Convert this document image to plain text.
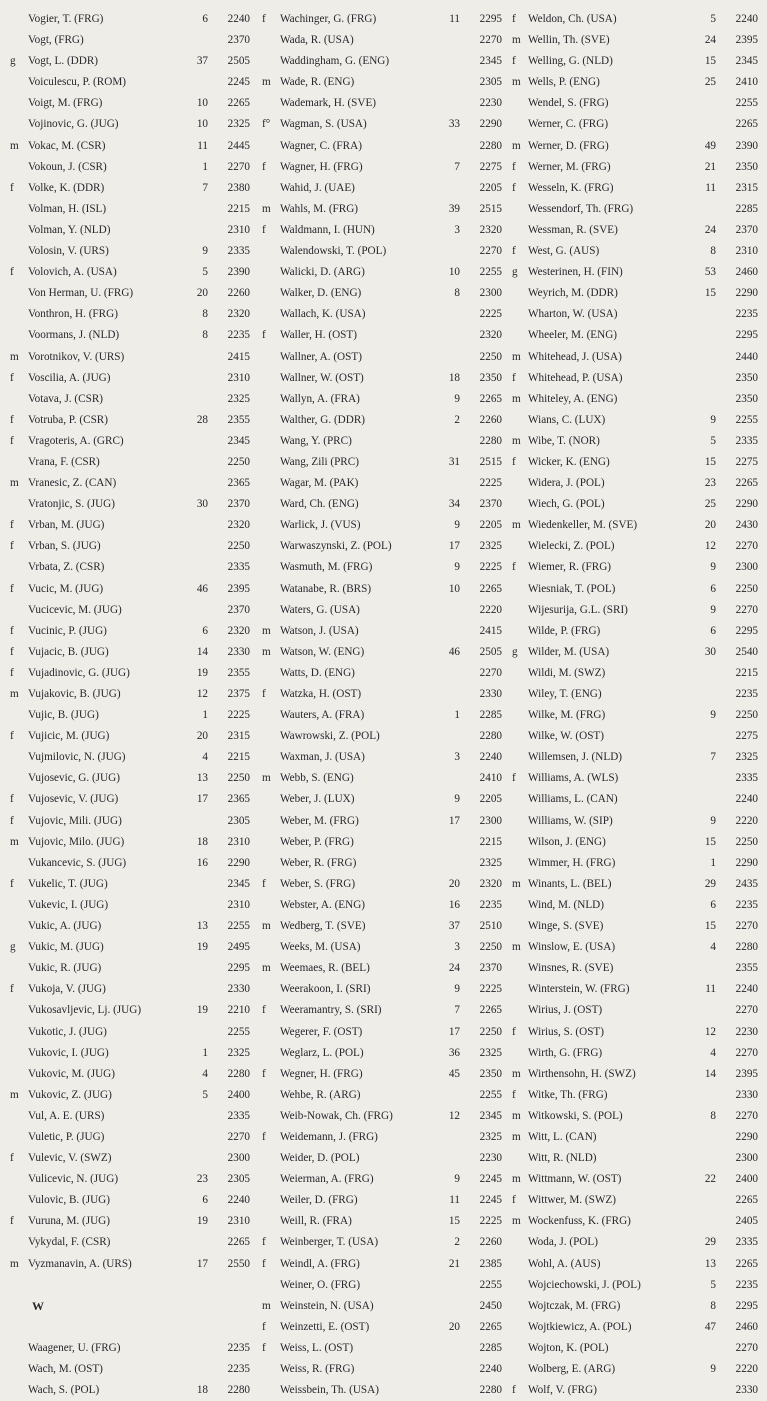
Vogier, T. (FRG)	6 2240
Vogt, (FRG)	2370
g	Vogt, L. (DDR)	37 2505
Voiculescu, P. (ROM)	2245
Voigt, M. (FRG)	10 2265
Vojinovic, G. (JUG)	10 2325
m Vokac, M. (CSR)	11 2445
Vokoun, J. (CSR)	1 2270
f	Volke, K. (DDR)	7 2380
Volman, H. (ISL)	2215
Volman, Y. (NLD)	2310
Volosin, V. (URS)	9 2335
f	Volovich, A. (USA)	5 2390
Von Herman, U. (FRG)	20 2260
Vonthron, H. (FRG)	8 2320
Voormans, J. (NLD)	8 2235
m Vorotnikov, V. (URS)	2415
f	Voscilia, A. (JUG)	2310
Votava, J. (CSR)	2325
f	Votruba, P. (CSR)	28 2355
f	Vragoteris, A. (GRC)	2345
Vrana, F. (CSR)	2250
m Vranesic, Z. (CAN)	2365
Vratonjic, S. (JUG)	30 2370
f	Vrban, M. (JUG)	2320
f	Vrban, S. (JUG)	2250
Vrbata, Z. (CSR)	2335
f	Vucic, M. (JUG)	46 2395
Vucicevic, M. (JUG)	2370
f	Vucinic, P. (JUG)	6 2320
f	Vujacic, B. (JUG)	14 2330
f	Vujadinovic, G. (JUG)	19 2355
m Vujakovic, B. (JUG)	12 2375
Vujic, B. (JUG)	1 2225
f	Vujicic, M. (JUG)	20 2315
Vujmilovic, N. (JUG)	4 2215
Vujosevic, G. (JUG)	13 2250
f	Vujosevic, V. (JUG)	17 2365
f	Vujovic, Mili. (JUG)	2305
m Vujovic, Milo. (JUG)	18 2310
Vukancevic, S. (JUG)	16 2290
f	Vukelic, T. (JUG)	2345
Vukevic, I. (JUG)	2310
Vukic, A. (JUG)	13 2255
g	Vukic, M. (JUG)	19 2495
Vukic, R. (JUG)	2295
f	Vukoja, V. (JUG)	2330
Vukosavljevic, Lj. (JUG)	19 2210
Vukotic, J. (JUG)	2255
Vukovic, I. (JUG)	1 2325
Vukovic, M. (JUG)	4 2280
m Vukovic, Z. (JUG)	5 2400
Vul, A. E. (URS)	2335
Vuletic, P. (JUG)	2270
f	Vulevic, V. (SWZ)	2300
Vulicevic, N. (JUG)	23 2305
Vulovic, B. (JUG)	6 2240
f	Vuruna, M. (JUG)	19 2310
Vykydal, F. (CSR)	2265
m Vyzmanavin, A. (URS)	17 2550
W
Waagener, U. (FRG)	2235
Wach, M. (OST)	2235
Wach, S. (POL)	18 2280
f Wachinger, G. (FRG)	11 2295
Wada, R. (USA)	2270
Waddingham, G. (ENG)	2345
m Wade, R. (ENG)	2305
Wademark, H. (SVE)	2230
f° Wagman, S. (USA)	33 2290
Wagner, C. (FRA)	2280
f Wagner, H. (FRG)	7 2275
Wahid, J. (UAE)	2205
m Wahls, M. (FRG)	39 2515
f Waldmann, I. (HUN)	3 2320
Walendowski, T. (POL)	2270
Walicki, D. (ARG)	10 2255
Walker, D. (ENG)	8 2300
Wallach, K. (USA)	2225
f Waller, H. (OST)	2320
Wallner, A. (OST)	2250
Wallner, W. (OST)	18 2350
Wallyn, A. (FRA)	9 2265
Walther, G. (DDR)	2 2260
Wang, Y. (PRC)	2280
Wang, Zili (PRC)	31 2515
Wagar, M. (PAK)	2225
Ward, Ch. (ENG)	34 2370
Warlick, J. (VUS)	9 2205
Warwaszynski, Z. (POL)	17 2325
Wasmuth, M. (FRG)	9 2225
Watanabe, R. (BRS)	10 2265
Waters, G. (USA)	2220
m Watson, J. (USA)	2415
m Watson, W. (ENG)	46 2505
Watts, D. (ENG)	2270
f Watzka, H. (OST)	2330
Wauters, A. (FRA)	1 2285
Wawrowski, Z. (POL)	2280
Waxman, J. (USA)	3 2240
m Webb, S. (ENG)	2410
Weber, J. (LUX)	9 2205
Weber, M. (FRG)	17 2300
Weber, P. (FRG)	2215
Weber, R. (FRG)	2325
f Weber, S. (FRG)	20 2320
Webster, A. (ENG)	16 2235
m Wedberg, T. (SVE)	37 2510
Weeks, M. (USA)	3 2250
m Weemaes, R. (BEL)	24 2370
Weerakoon, I. (SRI)	9 2225
f Weeramantry, S. (SRI)	7 2265
Wegerer, F. (OST)	17 2250
Weglarz, L. (POL)	36 2325
f Wegner, H. (FRG)	45 2350
Wehbe, R. (ARG)	2255
Weib-Nowak, Ch. (FRG)	12 2345
f Weidemann, J. (FRG)	2325
Weider, D. (POL)	2230
Weierman, A. (FRG)	9 2245
Weiler, D. (FRG)	11 2245
Weill, R. (FRA)	15 2225
f Weinberger, T. (USA)	2 2260
f Weindl, A. (FRG)	21 2385
Weiner, O. (FRG)	2255
m Weinstein, N. (USA)	2450
f Weinzetti, E. (OST)	20 2265
f Weiss, L. (OST)	2285
Weiss, R. (FRG)	2240
Weissbein, Th. (USA)	2280
f Weldon, Ch. (USA)	5 2240
m Wellin, Th. (SVE)	24 2395
f Welling, G. (NLD)	15 2345
m Wells, P. (ENG)	25 2410
Wendel, S. (FRG)	2255
Werner, C. (FRG)	2265
m Werner, D. (FRG)	49 2390
f Werner, M. (FRG)	21 2350
f Wesseln, K. (FRG)	11 2315
Wessendorf, Th. (FRG)	2285
Wessman, R. (SVE)	24 2370
f West, G. (AUS)	8 2310
g Westerinen, H. (FIN)	53 2460
Weyrich, M. (DDR)	15 2290
Wharton, W. (USA)	2235
Wheeler, M. (ENG)	2295
m Whitehead, J. (USA)	2440
f Whitehead, P. (USA)	2350
m Whiteley, A. (ENG)	2350
Wians, C. (LUX)	9 2255
m Wibe, T. (NOR)	5 2335
f Wicker, K. (ENG)	15 2275
Widera, J. (POL)	23 2265
Wiech, G. (POL)	25 2290
m Wiedenkeller, M. (SVE)	20 2430
Wielecki, Z. (POL)	12 2270
f Wiemer, R. (FRG)	9 2300
Wiesniak, T. (POL)	6 2250
Wijesurija, G.L. (SRI)	9 2270
Wilde, P. (FRG)	6 2295
g Wilder, M. (USA)	30 2540
Wildi, M. (SWZ)	2215
Wiley, T. (ENG)	2235
Wilke, M. (FRG)	9 2250
Wilke, W. (OST)	2275
Willemsen, J. (NLD)	7 2325
f Williams, A. (WLS)	2335
Williams, L. (CAN)	2240
Williams, W. (SIP)	9 2220
Wilson, J. (ENG)	15 2250
Wimmer, H. (FRG)	1 2290
m Winants, L. (BEL)	29 2435
Wind, M. (NLD)	6 2235
Winge, S. (SVE)	15 2270
m Winslow, E. (USA)	4 2280
Winsnes, R. (SVE)	2355
Winterstein, W. (FRG)	11 2240
Wirius, J. (OST)	2270
f Wirius, S. (OST)	12 2230
Wirth, G. (FRG)	4 2270
m Wirthensohn, H. (SWZ)	14 2395
f Witke, Th. (FRG)	2330
m Witkowski, S. (POL)	8 2270
m Witt, L. (CAN)	2290
Witt, R. (NLD)	2300
m Wittmann, W. (OST)	22 2400
f Wittwer, M. (SWZ)	2265
m Wockenfuss, K. (FRG)	2405
Woda, J. (POL)	29 2335
Wohl, A. (AUS)	13 2265
Wojciechowski, J. (POL)	5 2235
Wojtczak, M. (FRG)	8 2295
Wojtkiewicz, A. (POL)	47 2460
Wojton, K. (POL)	2270
Wolberg, E. (ARG)	9 2220
f Wolf, V. (FRG)	2330
